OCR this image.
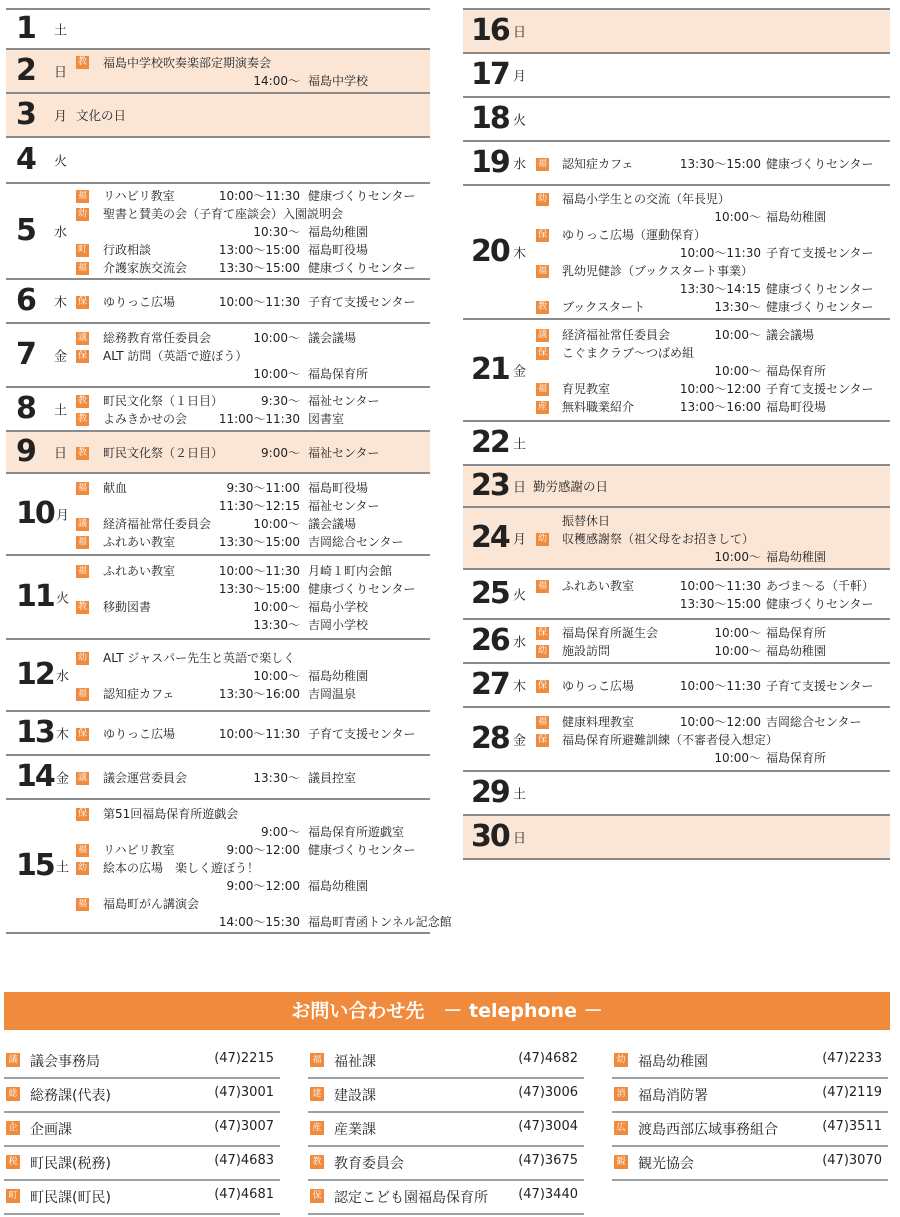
1 土
2 日
教 福島中学校吹奏楽部定期演奏会
14:00～ 福島中学校
3 月 文化の日
4 火
5 水
福 リハビリ教室	10:00～11:30 健康づくりセンター
幼 聖書と賛美の会（子育て座談会）入園説明会
10:30～ 福島幼稚園
町 行政相談	13:00～15:00 福島町役場
福 介護家族交流会	13:30～15:00 健康づくりセンター
6 木 保 ゆりっこ広場	10:00～11:30 子育て支援センター
7 金
議 総務教育常任委員会	10:00～ 議会議場
保 ALT 訪問（英語で遊ぼう）
10:00～ 福島保育所
8 土
教 町民文化祭（１日目）	9:30～ 福祉センター
教 よみきかせの会	11:00～11:30 図書室
9 日 教 町民文化祭（２日目）	9:00～ 福祉センター
10 月
福 献血	9:30～11:00 福島町役場
11:30～12:15 福祉センター
議 経済福祉常任委員会	10:00～ 議会議場
福 ふれあい教室	13:30～15:00 吉岡総合センター
11 火
福 ふれあい教室	10:00～11:30 月崎１町内会館
13:30～15:00 健康づくりセンター
教 移動図書	10:00～ 福島小学校
13:30～ 吉岡小学校
12 水
幼 ALT ジャスパー先生と英語で楽しく
10:00～ 福島幼稚園
福 認知症カフェ	13:30～16:00 吉岡温泉
13 木 保 ゆりっこ広場	10:00～11:30 子育て支援センター
14 金 議 議会運営委員会	13:30～ 議員控室
15 土
保 第51回福島保育所遊戯会
9:00～ 福島保育所遊戯室
福 リハビリ教室	9:00～12:00 健康づくりセンター
幼 絵本の広場　楽しく遊ぼう！
9:00～12:00 福島幼稚園
福 福島町がん講演会
14:00～15:30 福島町青函トンネル記念館
16 日
17 月
18 火
19 水 福 認知症カフェ	13:30～15:00 健康づくりセンター
20 木
幼 福島小学生との交流（年長児）
10:00～ 福島幼稚園
保 ゆりっこ広場（運動保育）
10:00～11:30 子育て支援センター
福 乳幼児健診（ブックスタート事業）
13:30～14:15 健康づくりセンター
教 ブックスタート	13:30～ 健康づくりセンター
21 金
議 経済福祉常任委員会	10:00～ 議会議場
保 こぐまクラブ～つばめ組
10:00～ 福島保育所
福 育児教室	10:00～12:00 子育て支援センター
産 無料職業紹介	13:00～16:00 福島町役場
22 土
23 日 勤労感謝の日
24 月
振替休日
幼 収穫感謝祭（祖父母をお招きして）
10:00～ 福島幼稚園
25 火
福 ふれあい教室	10:00～11:30 あづま～る（千軒）
13:30～15:00 健康づくりセンター
26 水
保 福島保育所誕生会	10:00～ 福島保育所
幼 施設訪問	10:00～ 福島幼稚園
27 木 保 ゆりっこ広場	10:00～11:30 子育て支援センター
28 金
福 健康料理教室	10:00～12:00 吉岡総合センター
保 福島保育所避難訓練（不審者侵入想定）
10:00～ 福島保育所
29 土
30 日
お問い合わせ先　－ telephone －
議 議会事務局	(47)2215
総 総務課(代表)	(47)3001
企 企画課	(47)3007
税 町民課(税務)	(47)4683
町 町民課(町民)	(47)4681
福 福祉課	(47)4682
建 建設課	(47)3006
産 産業課	(47)3004
教 教育委員会	(47)3675
保 認定こども園福島保育所 (47)3440
幼 福島幼稚園	(47)2233
消 福島消防署	(47)2119
広 渡島西部広域事務組合	(47)3511
観 観光協会	(47)3070
